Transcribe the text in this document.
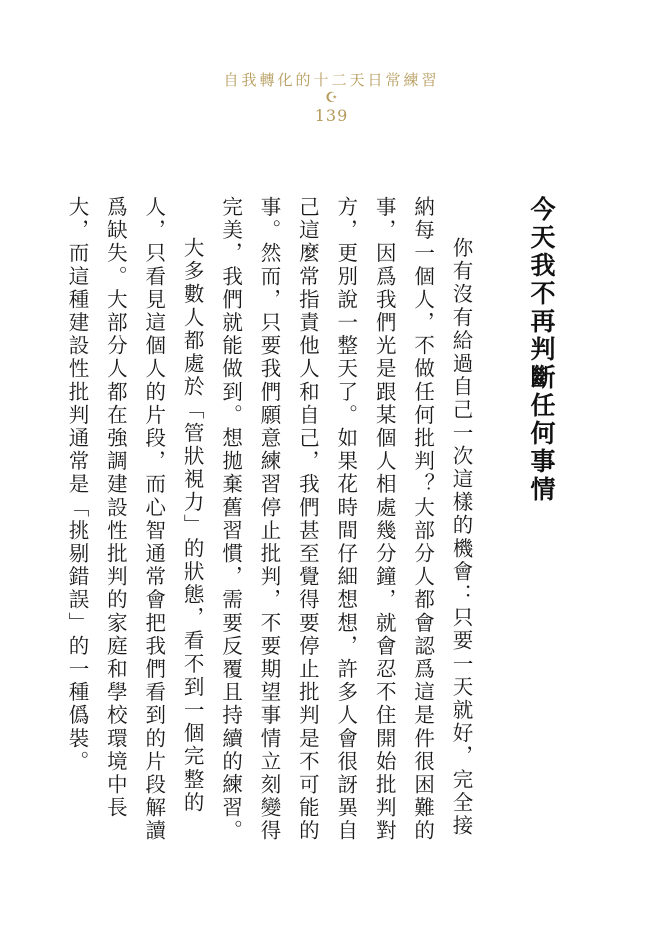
自我轉化的十二天日常練習
☪
139
今天我不再判斷任何事情

你有沒有給過自己一次這樣的機會：只要一天就好，完全接納每一個人，不做任何批判？大部分人都會認爲這是件很困難的事，因爲我們光是跟某個人相處幾分鐘，就會忍不住開始批判對方，更別說一整天了。如果花時間仔細想想，許多人會很訝異自己這麼常指責他人和自己，我們甚至覺得要停止批判是不可能的事。然而，只要我們願意練習停止批判，不要期望事情立刻變得完美，我們就能做到。想拋棄舊習慣，需要反覆且持續的練習。

大多數人都處於「管狀視力」的狀態，看不到一個完整的人，只看見這個人的片段，而心智通常會把我們看到的片段解讀爲缺失。大部分人都在強調建設性批判的家庭和學校環境中長大，而這種建設性批判通常是「挑剔錯誤」的一種僞裝。
